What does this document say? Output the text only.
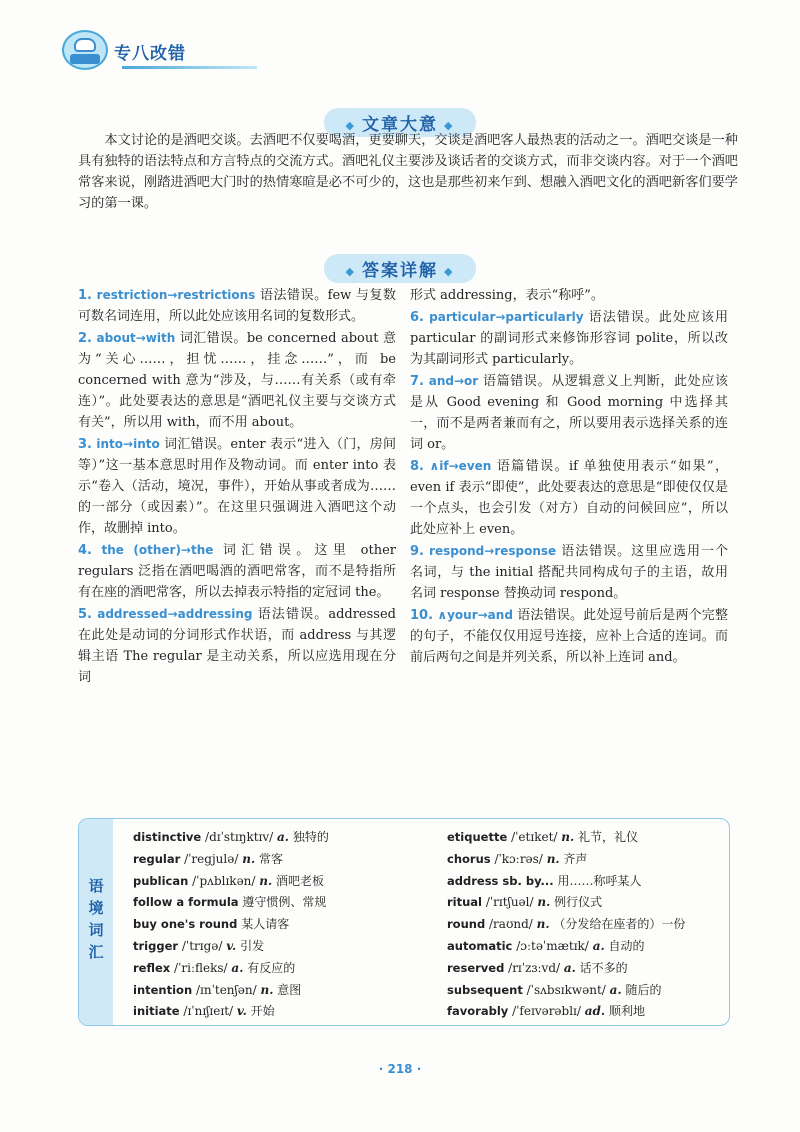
专八改错
◆ 文章大意 ◆

本文讨论的是酒吧交谈。去酒吧不仅要喝酒，更要聊天，交谈是酒吧客人最热衷的活动之一。酒吧交谈是一种具有独特的语法特点和方言特点的交流方式。酒吧礼仪主要涉及谈话者的交谈方式，而非交谈内容。对于一个酒吧常客来说，刚踏进酒吧大门时的热情寒暄是必不可少的，这也是那些初来乍到、想融入酒吧文化的酒吧新客们要学习的第一课。

◆ 答案详解 ◆
1. restriction→restrictions 语法错误。few 与复数可数名词连用，所以此处应该用名词的复数形式。
2. about→with 词汇错误。be concerned about 意为“关心……，担忧……，挂念……”，而 be concerned with 意为“涉及，与……有关系（或有牵连）”。此处要表达的意思是“酒吧礼仪主要与交谈方式有关”，所以用 with，而不用 about。
3. into→into 词汇错误。enter 表示“进入（门，房间等）”这一基本意思时用作及物动词。而 enter into 表示“卷入（活动，境况，事件），开始从事或者成为……的一部分（或因素）”。在这里只强调进入酒吧这个动作，故删掉 into。
4. the (other)→the 词汇错误。这里 other regulars 泛指在酒吧喝酒的酒吧常客，而不是特指所有在座的酒吧常客，所以去掉表示特指的定冠词 the。
5. addressed→addressing 语法错误。addressed 在此处是动词的分词形式作状语，而 address 与其逻辑主语 The regular 是主动关系，所以应选用现在分词
形式 addressing，表示“称呼”。
6. particular→particularly 语法错误。此处应该用 particular 的副词形式来修饰形容词 polite，所以改为其副词形式 particularly。
7. and→or 语篇错误。从逻辑意义上判断，此处应该是从 Good evening 和 Good morning 中选择其一，而不是两者兼而有之，所以要用表示选择关系的连词 or。
8. ∧if→even 语篇错误。if 单独使用表示“如果”，even if 表示“即使”，此处要表达的意思是“即使仅仅是一个点头，也会引发（对方）自动的问候回应”，所以此处应补上 even。
9. respond→response 语法错误。这里应选用一个名词，与 the initial 搭配共同构成句子的主语，故用名词 response 替换动词 respond。
10. ∧your→and 语法错误。此处逗号前后是两个完整的句子，不能仅仅用逗号连接，应补上合适的连词。而前后两句之间是并列关系，所以补上连词 and。
语境词汇
distinctive /dɪˈstɪŋktɪv/ a. 独特的
regular /ˈregjulə/ n. 常客
publican /ˈpʌblɪkən/ n. 酒吧老板
follow a formula 遵守惯例、常规
buy one's round 某人请客
trigger /ˈtrɪgə/ v. 引发
reflex /ˈriːfleks/ a. 有反应的
intention /ɪnˈtenʃən/ n. 意图
initiate /ɪˈnɪʃɪeɪt/ v. 开始
etiquette /ˈetɪket/ n. 礼节，礼仪
chorus /ˈkɔːrəs/ n. 齐声
address sb. by... 用……称呼某人
ritual /ˈrɪtʃuəl/ n. 例行仪式
round /raʊnd/ n. （分发给在座者的）一份
automatic /ɔːtəˈmætɪk/ a. 自动的
reserved /rɪˈzɜːvd/ a. 话不多的
subsequent /ˈsʌbsɪkwənt/ a. 随后的
favorably /ˈfeɪvərəblɪ/ ad. 顺利地
· 218 ·
